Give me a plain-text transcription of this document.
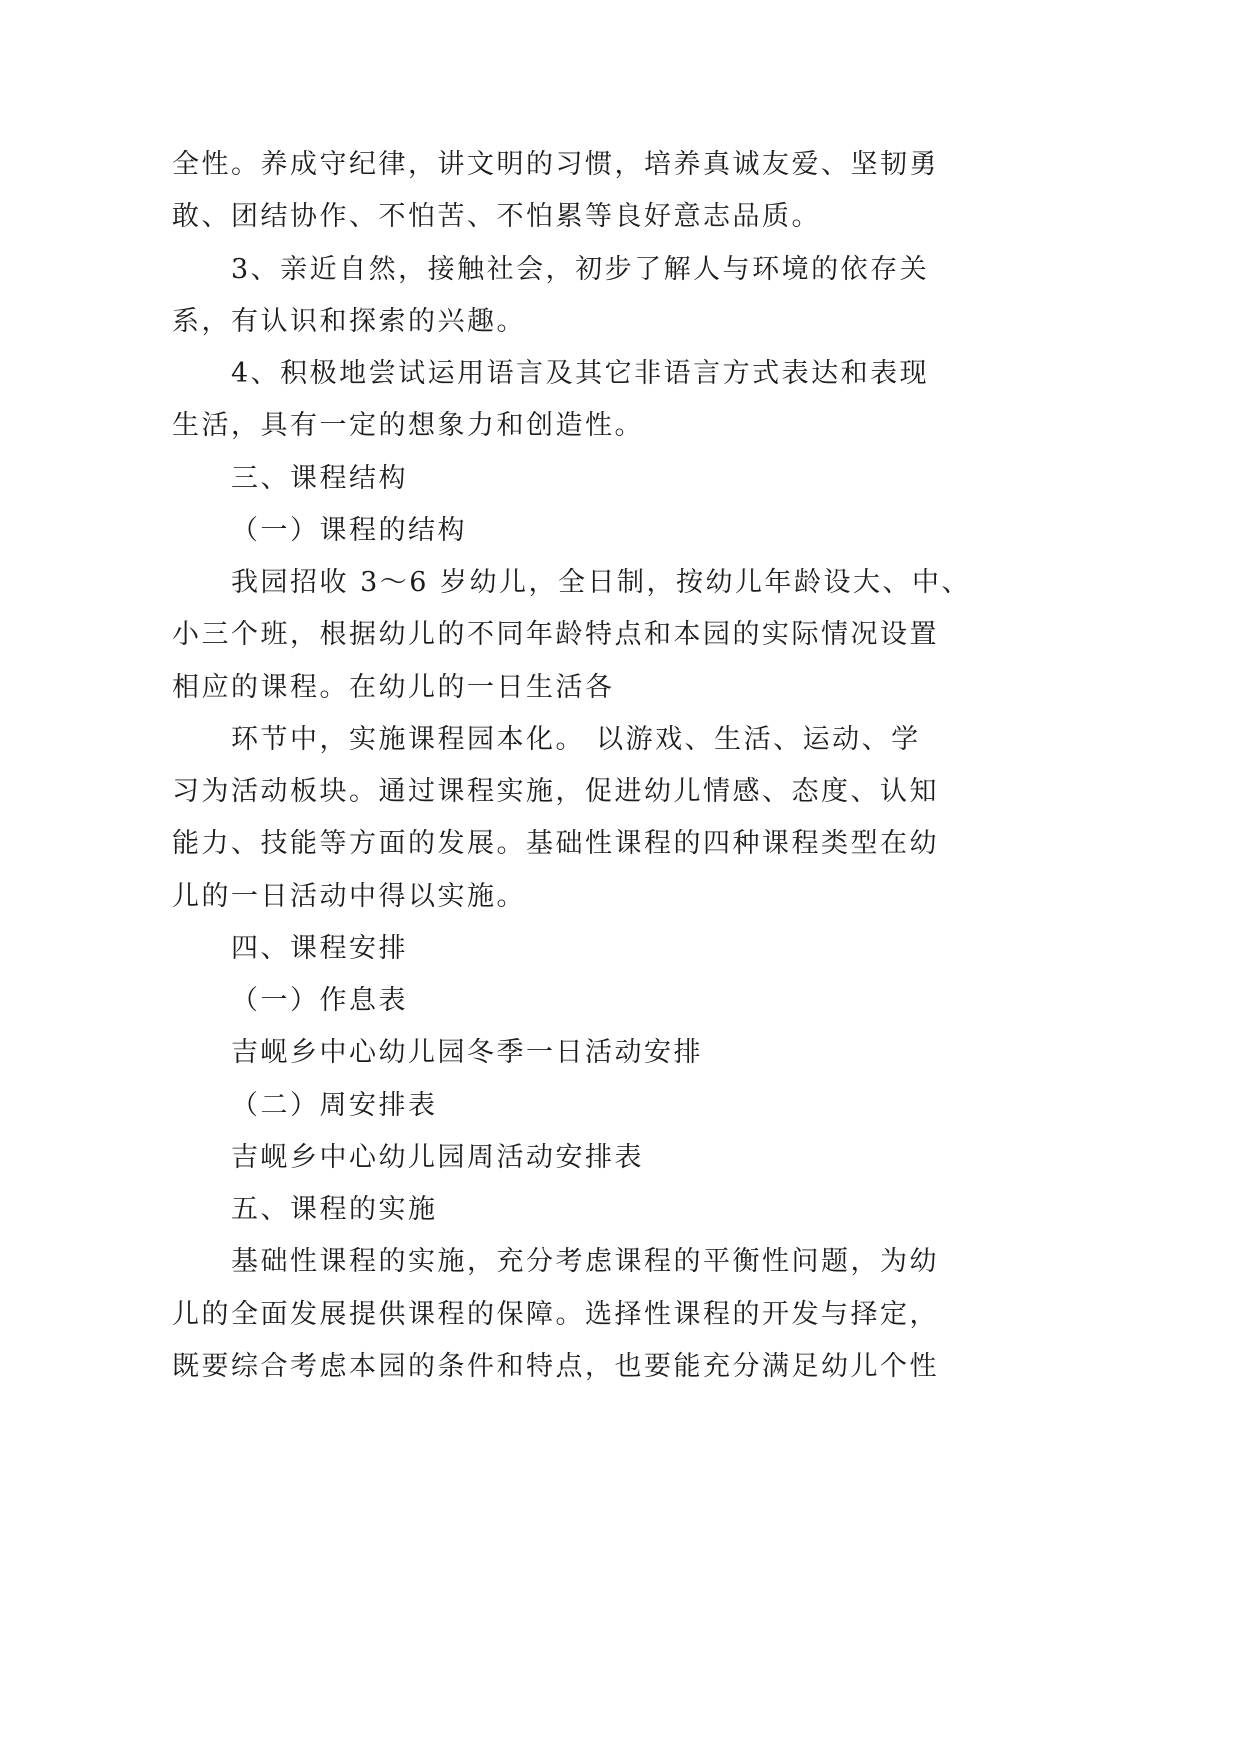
全性。养成守纪律，讲文明的习惯，培养真诚友爱、坚韧勇
敢、团结协作、不怕苦、不怕累等良好意志品质。
3、亲近自然，接触社会，初步了解人与环境的依存关
系，有认识和探索的兴趣。
4、积极地尝试运用语言及其它非语言方式表达和表现
生活，具有一定的想象力和创造性。
三、课程结构
（一）课程的结构
我园招收 3～6 岁幼儿，全日制，按幼儿年龄设大、中、
小三个班，根据幼儿的不同年龄特点和本园的实际情况设置
相应的课程。在幼儿的一日生活各
环节中，实施课程园本化。 以游戏、生活、运动、学
习为活动板块。通过课程实施，促进幼儿情感、态度、认知
能力、技能等方面的发展。基础性课程的四种课程类型在幼
儿的一日活动中得以实施。
四、课程安排
（一）作息表
吉岘乡中心幼儿园冬季一日活动安排
（二）周安排表
吉岘乡中心幼儿园周活动安排表
五、课程的实施
基础性课程的实施，充分考虑课程的平衡性问题，为幼
儿的全面发展提供课程的保障。选择性课程的开发与择定，
既要综合考虑本园的条件和特点，也要能充分满足幼儿个性
